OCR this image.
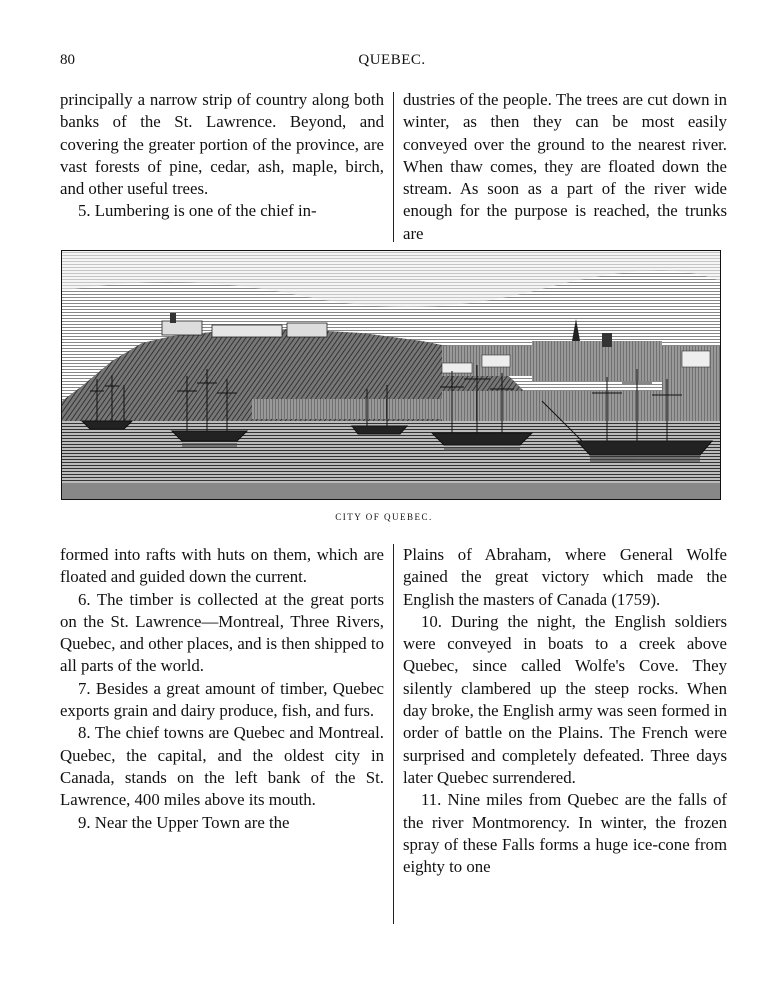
80	QUEBEC.

principally a narrow strip of country along both banks of the St. Lawrence. Beyond, and covering the greater portion of the province, are vast forests of pine, cedar, ash, maple, birch, and other useful trees.

5. Lumbering is one of the chief in-

dustries of the people. The trees are cut down in winter, as then they can be most easily conveyed over the ground to the nearest river. When thaw comes, they are floated down the stream. As soon as a part of the river wide enough for the purpose is reached, the trunks are

CITY OF QUEBEC.

formed into rafts with huts on them, which are floated and guided down the current.

6. The timber is collected at the great ports on the St. Lawrence—Montreal, Three Rivers, Quebec, and other places, and is then shipped to all parts of the world.

7. Besides a great amount of timber, Quebec exports grain and dairy produce, fish, and furs.

8. The chief towns are Quebec and Montreal. Quebec, the capital, and the oldest city in Canada, stands on the left bank of the St. Lawrence, 400 miles above its mouth.

9. Near the Upper Town are the

Plains of Abraham, where General Wolfe gained the great victory which made the English the masters of Canada (1759).

10. During the night, the English soldiers were conveyed in boats to a creek above Quebec, since called Wolfe's Cove. They silently clambered up the steep rocks. When day broke, the English army was seen formed in order of battle on the Plains. The French were surprised and completely defeated. Three days later Quebec surrendered.

11. Nine miles from Quebec are the falls of the river Montmorency. In winter, the frozen spray of these Falls forms a huge ice-cone from eighty to one
